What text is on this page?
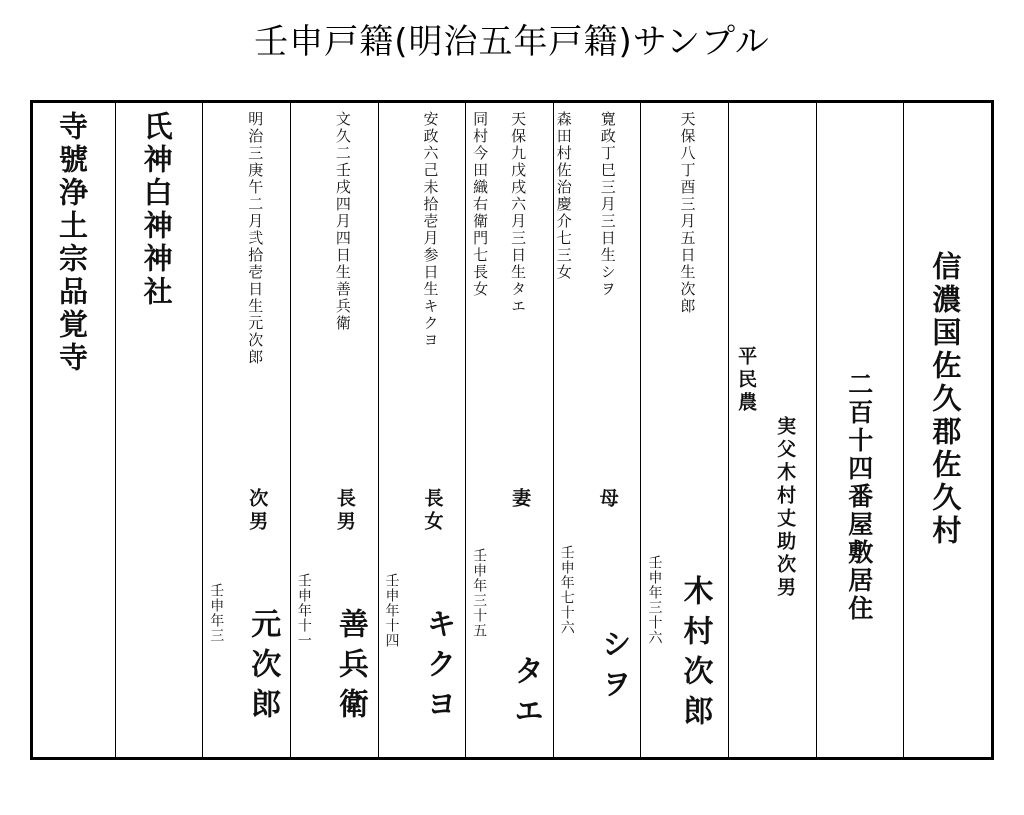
壬申戸籍(明治五年戸籍)サンプル
信濃国佐久郡佐久村
二百十四番屋敷居住
平民農
実父木村丈助次男
天保八丁酉三月五日生次郎
壬申年三十六 木村次郎
寛政丁巳三月三日生シヲ
森田村佐治慶介七三女
母
壬申年七十六
シヲ
天保九戊戌六月三日生タエ
同村今田織右衛門七長女
妻
壬申年三十五
タエ
安政六己未拾壱月参日生キクヨ
長女
壬申年十四 キクヨ
文久二壬戌四月四日生善兵衛
長男
壬申年十一 善兵衛
明治三庚午二月弐拾壱日生元次郎
次男
壬申年三 元次郎
氏神白神神社
寺號浄土宗品覚寺
